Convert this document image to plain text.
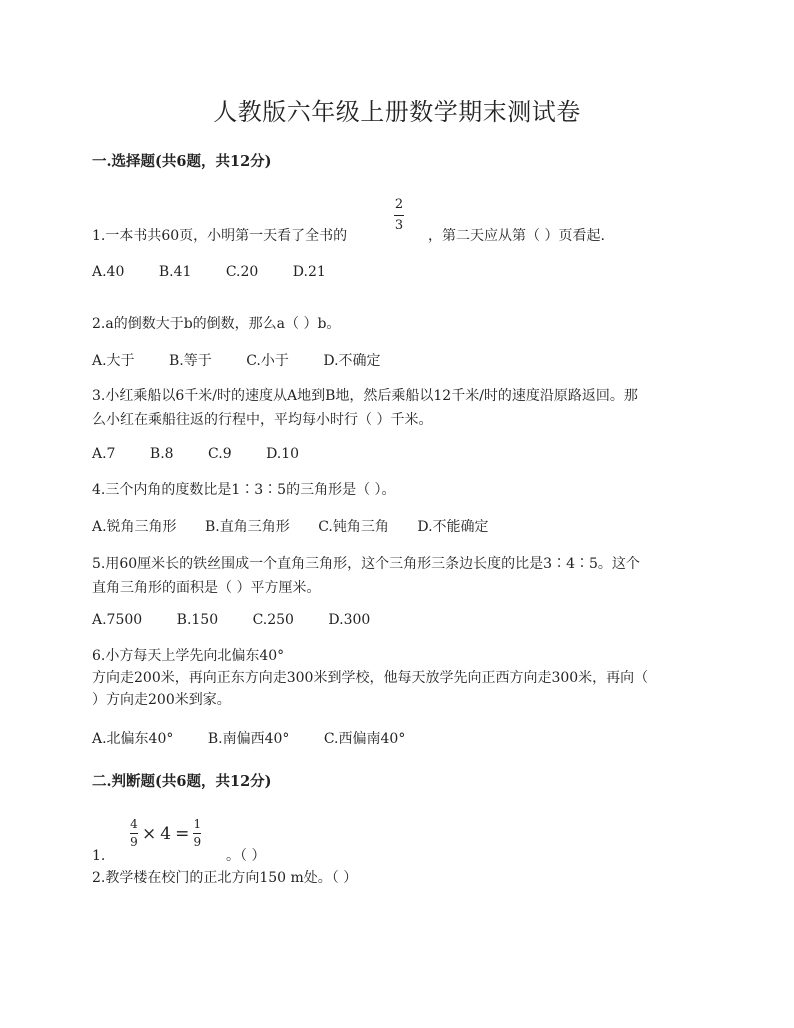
人教版六年级上册数学期末测试卷
一.选择题(共6题，共12分)
1.一本书共60页，小明第一天看了全书的
2
3
，第二天应从第（ ）页看起.
A.40 B.41 C.20 D.21
2.a的倒数大于b的倒数，那么a（ ）b。
A.大于 B.等于 C.小于 D.不确定
3.小红乘船以6千米/时的速度从A地到B地，然后乘船以12千米/时的速度沿原路返回。那
么小红在乘船往返的行程中，平均每小时行（ ）千米。
A.7 B.8 C.9 D.10
4.三个内角的度数比是1∶3∶5的三角形是（ ）。
A.锐角三角形 B.直角三角形 C.钝角三角 D.不能确定
5.用60厘米长的铁丝围成一个直角三角形，这个三角形三条边长度的比是3∶4∶5。这个
直角三角形的面积是（ ）平方厘米。
A.7500 B.150 C.250 D.300
6.小方每天上学先向北偏东40°
方向走200米，再向正东方向走300米到学校，他每天放学先向正西方向走300米，再向（
）方向走200米到家。
A.北偏东40° B.南偏西40° C.西偏南40°
二.判断题(共6题，共12分)
1.
$\frac{4}{9} \times 4 = \frac{1}{9}$
。（ ）
2.教学楼在校门的正北方向150 m处。（ ）
